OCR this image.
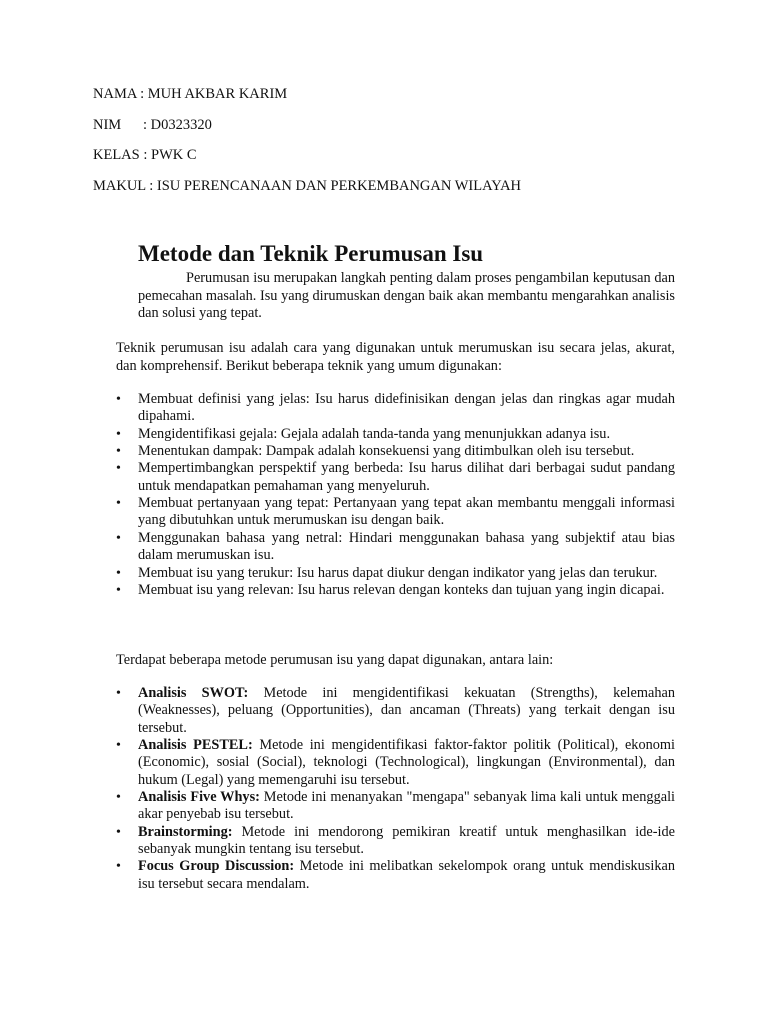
NAMA : MUH AKBAR KARIM
NIM : D0323320
KELAS : PWK C
MAKUL : ISU PERENCANAAN DAN PERKEMBANGAN WILAYAH
Metode dan Teknik Perumusan Isu

Perumusan isu merupakan langkah penting dalam proses pengambilan keputusan dan pemecahan masalah. Isu yang dirumuskan dengan baik akan membantu mengarahkan analisis dan solusi yang tepat.

Teknik perumusan isu adalah cara yang digunakan untuk merumuskan isu secara jelas, akurat, dan komprehensif. Berikut beberapa teknik yang umum digunakan:

• Membuat definisi yang jelas: Isu harus didefinisikan dengan jelas dan ringkas agar mudah dipahami.
• Mengidentifikasi gejala: Gejala adalah tanda-tanda yang menunjukkan adanya isu.
• Menentukan dampak: Dampak adalah konsekuensi yang ditimbulkan oleh isu tersebut.
• Mempertimbangkan perspektif yang berbeda: Isu harus dilihat dari berbagai sudut pandang untuk mendapatkan pemahaman yang menyeluruh.
• Membuat pertanyaan yang tepat: Pertanyaan yang tepat akan membantu menggali informasi yang dibutuhkan untuk merumuskan isu dengan baik.
• Menggunakan bahasa yang netral: Hindari menggunakan bahasa yang subjektif atau bias dalam merumuskan isu.
• Membuat isu yang terukur: Isu harus dapat diukur dengan indikator yang jelas dan terukur.
• Membuat isu yang relevan: Isu harus relevan dengan konteks dan tujuan yang ingin dicapai.

Terdapat beberapa metode perumusan isu yang dapat digunakan, antara lain:

• Analisis SWOT: Metode ini mengidentifikasi kekuatan (Strengths), kelemahan (Weaknesses), peluang (Opportunities), dan ancaman (Threats) yang terkait dengan isu tersebut.
• Analisis PESTEL: Metode ini mengidentifikasi faktor-faktor politik (Political), ekonomi (Economic), sosial (Social), teknologi (Technological), lingkungan (Environmental), dan hukum (Legal) yang memengaruhi isu tersebut.
• Analisis Five Whys: Metode ini menanyakan "mengapa" sebanyak lima kali untuk menggali akar penyebab isu tersebut.
• Brainstorming: Metode ini mendorong pemikiran kreatif untuk menghasilkan ide-ide sebanyak mungkin tentang isu tersebut.
• Focus Group Discussion: Metode ini melibatkan sekelompok orang untuk mendiskusikan isu tersebut secara mendalam.
